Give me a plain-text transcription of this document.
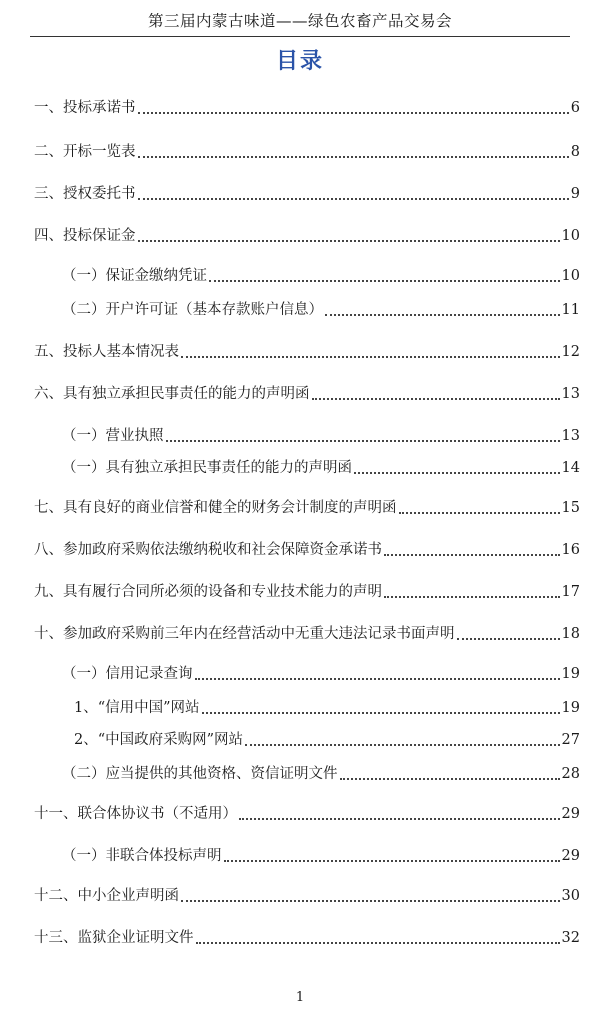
第三届内蒙古味道——绿色农畜产品交易会
目录
一、投标承诺书	6
二、开标一览表	8
三、授权委托书	9
四、投标保证金	10
（一）保证金缴纳凭证	10
（二）开户许可证（基本存款账户信息）	11
五、投标人基本情况表	12
六、具有独立承担民事责任的能力的声明函	13
（一）营业执照	13
（一）具有独立承担民事责任的能力的声明函	14
七、具有良好的商业信誉和健全的财务会计制度的声明函	15
八、参加政府采购依法缴纳税收和社会保障资金承诺书	16
九、具有履行合同所必须的设备和专业技术能力的声明	17
十、参加政府采购前三年内在经营活动中无重大违法记录书面声明	18
（一）信用记录查询	19
1、“信用中国”网站	19
2、“中国政府采购网”网站	27
（二）应当提供的其他资格、资信证明文件	28
十一、联合体协议书（不适用）	29
（一）非联合体投标声明	29
十二、中小企业声明函	30
十三、监狱企业证明文件	32
1
